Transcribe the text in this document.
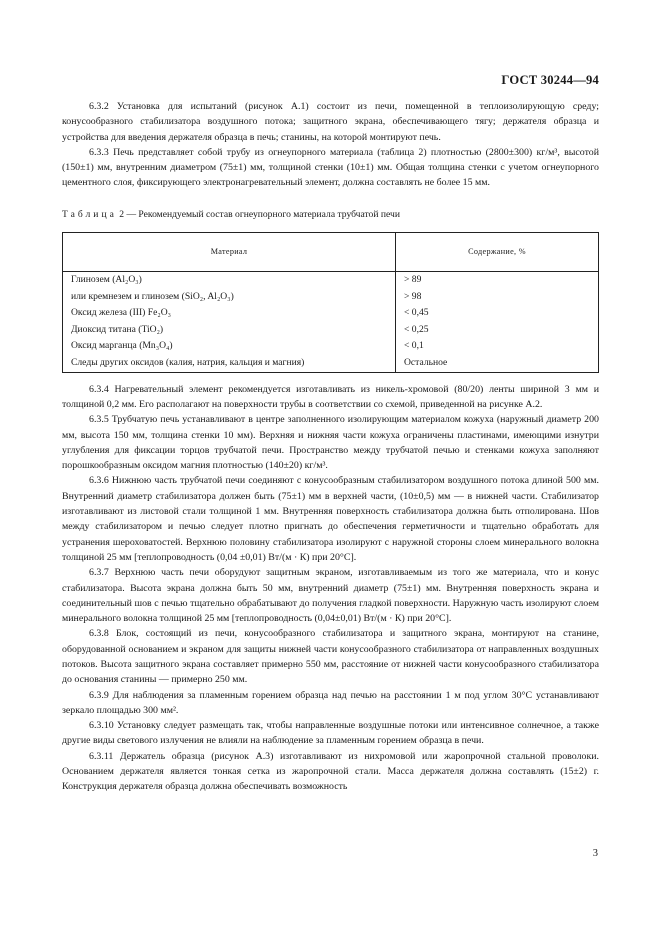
ГОСТ 30244—94

6.3.2 Установка для испытаний (рисунок А.1) состоит из печи, помещенной в теплоизолирующую среду; конусообразного стабилизатора воздушного потока; защитного экрана, обеспечивающего тягу; держателя образца и устройства для введения держателя образца в печь; станины, на которой монтируют печь.

6.3.3 Печь представляет собой трубу из огнеупорного материала (таблица 2) плотностью (2800±300) кг/м³, высотой (150±1) мм, внутренним диаметром (75±1) мм, толщиной стенки (10±1) мм. Общая толщина стенки с учетом огнеупорного цементного слоя, фиксирующего электронагревательный элемент, должна составлять не более 15 мм.

Таблица 2 — Рекомендуемый состав огнеупорного материала трубчатой печи
Материал	Содержание, %
Глинозем (Al₂O₃)	> 89
или кремнезем и глинозем (SiO₂, Al₂O₃)	> 98
Оксид железа (III) Fe₂O₃	< 0,45
Диоксид титана (TiO₂)	< 0,25
Оксид марганца (Mn₃O₄)	< 0,1
Следы других оксидов (калия, натрия, кальция и магния)	Остальное

6.3.4 Нагревательный элемент рекомендуется изготавливать из никель-хромовой (80/20) ленты шириной 3 мм и толщиной 0,2 мм. Его располагают на поверхности трубы в соответствии со схемой, приведенной на рисунке А.2.

6.3.5 Трубчатую печь устанавливают в центре заполненного изолирующим материалом кожуха (наружный диаметр 200 мм, высота 150 мм, толщина стенки 10 мм). Верхняя и нижняя части кожуха ограничены пластинами, имеющими изнутри углубления для фиксации торцов трубчатой печи. Пространство между трубчатой печью и стенками кожуха заполняют порошкообразным оксидом магния плотностью (140±20) кг/м³.

6.3.6 Нижнюю часть трубчатой печи соединяют с конусообразным стабилизатором воздушного потока длиной 500 мм. Внутренний диаметр стабилизатора должен быть (75±1) мм в верхней части, (10±0,5) мм — в нижней части. Стабилизатор изготавливают из листовой стали толщиной 1 мм. Внутренняя поверхность стабилизатора должна быть отполирована. Шов между стабилизатором и печью следует плотно пригнать до обеспечения герметичности и тщательно обработать для устранения шероховатостей. Верхнюю половину стабилизатора изолируют с наружной стороны слоем минерального волокна толщиной 25 мм [теплопроводность (0,04 ±0,01) Вт/(м · К) при 20°С].

6.3.7 Верхнюю часть печи оборудуют защитным экраном, изготавливаемым из того же материала, что и конус стабилизатора. Высота экрана должна быть 50 мм, внутренний диаметр (75±1) мм. Внутренняя поверхность экрана и соединительный шов с печью тщательно обрабатывают до получения гладкой поверхности. Наружную часть изолируют слоем минерального волокна толщиной 25 мм [теплопроводность (0,04±0,01) Вт/(м · К) при 20°С].

6.3.8 Блок, состоящий из печи, конусообразного стабилизатора и защитного экрана, монтируют на станине, оборудованной основанием и экраном для защиты нижней части конусообразного стабилизатора от направленных воздушных потоков. Высота защитного экрана составляет примерно 550 мм, расстояние от нижней части конусообразного стабилизатора до основания станины — примерно 250 мм.

6.3.9 Для наблюдения за пламенным горением образца над печью на расстоянии 1 м под углом 30°С устанавливают зеркало площадью 300 мм².

6.3.10 Установку следует размещать так, чтобы направленные воздушные потоки или интенсивное солнечное, а также другие виды светового излучения не влияли на наблюдение за пламенным горением образца в печи.

6.3.11 Держатель образца (рисунок А.3) изготавливают из нихромовой или жаропрочной стальной проволоки. Основанием держателя является тонкая сетка из жаропрочной стали. Масса держателя должна составлять (15±2) г. Конструкция держателя образца должна обеспечивать возможность

3
